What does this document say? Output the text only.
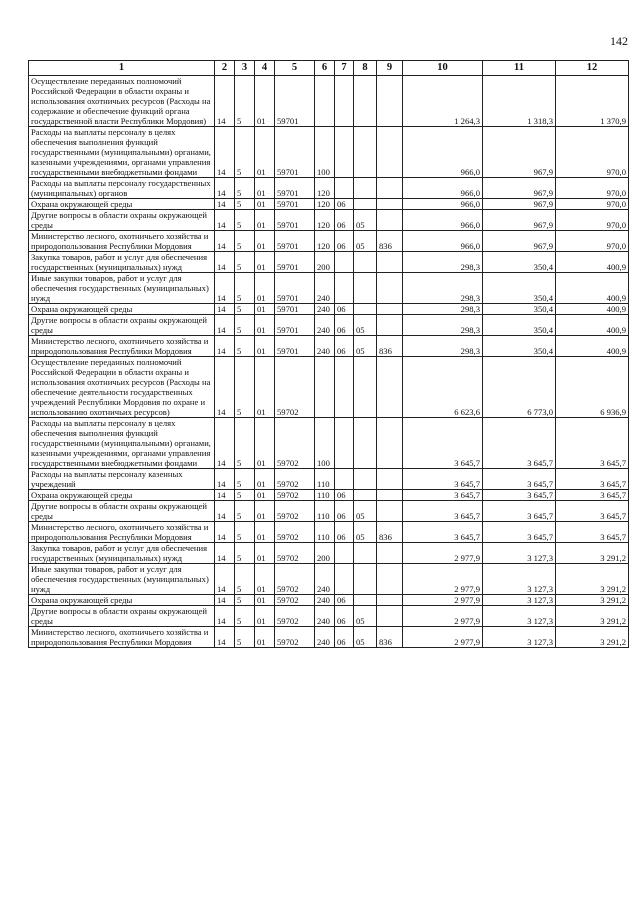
142
1	2	3	4	5	6	7	8	9	10	11	12
Осуществление переданных полномочий Российской Федерации в области охраны и использования охотничьих ресурсов (Расходы на содержание и обеспечение функций органа государственной власти Республики Мордовия)	14	5	01	59701					1 264,3	1 318,3	1 370,9
Расходы на выплаты персоналу в целях обеспечения выполнения функций государственными (муниципальными) органами, казенными учреждениями, органами управления государственными внебюджетными фондами	14	5	01	59701	100				966,0	967,9	970,0
Расходы на выплаты персоналу государственных (муниципальных) органов	14	5	01	59701	120				966,0	967,9	970,0
Охрана окружающей среды	14	5	01	59701	120	06			966,0	967,9	970,0
Другие вопросы в области охраны окружающей среды	14	5	01	59701	120	06	05		966,0	967,9	970,0
Министерство лесного, охотничьего хозяйства и природопользования Республики Мордовия	14	5	01	59701	120	06	05	836	966,0	967,9	970,0
Закупка товаров, работ и услуг для обеспечения государственных (муниципальных) нужд	14	5	01	59701	200				298,3	350,4	400,9
Иные закупки товаров, работ и услуг для обеспечения государственных (муниципальных) нужд	14	5	01	59701	240				298,3	350,4	400,9
Охрана окружающей среды	14	5	01	59701	240	06			298,3	350,4	400,9
Другие вопросы в области охраны окружающей среды	14	5	01	59701	240	06	05		298,3	350,4	400,9
Министерство лесного, охотничьего хозяйства и природопользования Республики Мордовия	14	5	01	59701	240	06	05	836	298,3	350,4	400,9
Осуществление переданных полномочий Российской Федерации в области охраны и использования охотничьих ресурсов (Расходы на обеспечение деятельности государственных учреждений Республики Мордовия по охране и использованию охотничьих ресурсов)	14	5	01	59702					6 623,6	6 773,0	6 936,9
Расходы на выплаты персоналу в целях обеспечения выполнения функций государственными (муниципальными) органами, казенными учреждениями, органами управления государственными внебюджетными фондами	14	5	01	59702	100				3 645,7	3 645,7	3 645,7
Расходы на выплаты персоналу казенных учреждений	14	5	01	59702	110				3 645,7	3 645,7	3 645,7
Охрана окружающей среды	14	5	01	59702	110	06			3 645,7	3 645,7	3 645,7
Другие вопросы в области охраны окружающей среды	14	5	01	59702	110	06	05		3 645,7	3 645,7	3 645,7
Министерство лесного, охотничьего хозяйства и природопользования Республики Мордовия	14	5	01	59702	110	06	05	836	3 645,7	3 645,7	3 645,7
Закупка товаров, работ и услуг для обеспечения государственных (муниципальных) нужд	14	5	01	59702	200				2 977,9	3 127,3	3 291,2
Иные закупки товаров, работ и услуг для обеспечения государственных (муниципальных) нужд	14	5	01	59702	240				2 977,9	3 127,3	3 291,2
Охрана окружающей среды	14	5	01	59702	240	06			2 977,9	3 127,3	3 291,2
Другие вопросы в области охраны окружающей среды	14	5	01	59702	240	06	05		2 977,9	3 127,3	3 291,2
Министерство лесного, охотничьего хозяйства и природопользования Республики Мордовия	14	5	01	59702	240	06	05	836	2 977,9	3 127,3	3 291,2
